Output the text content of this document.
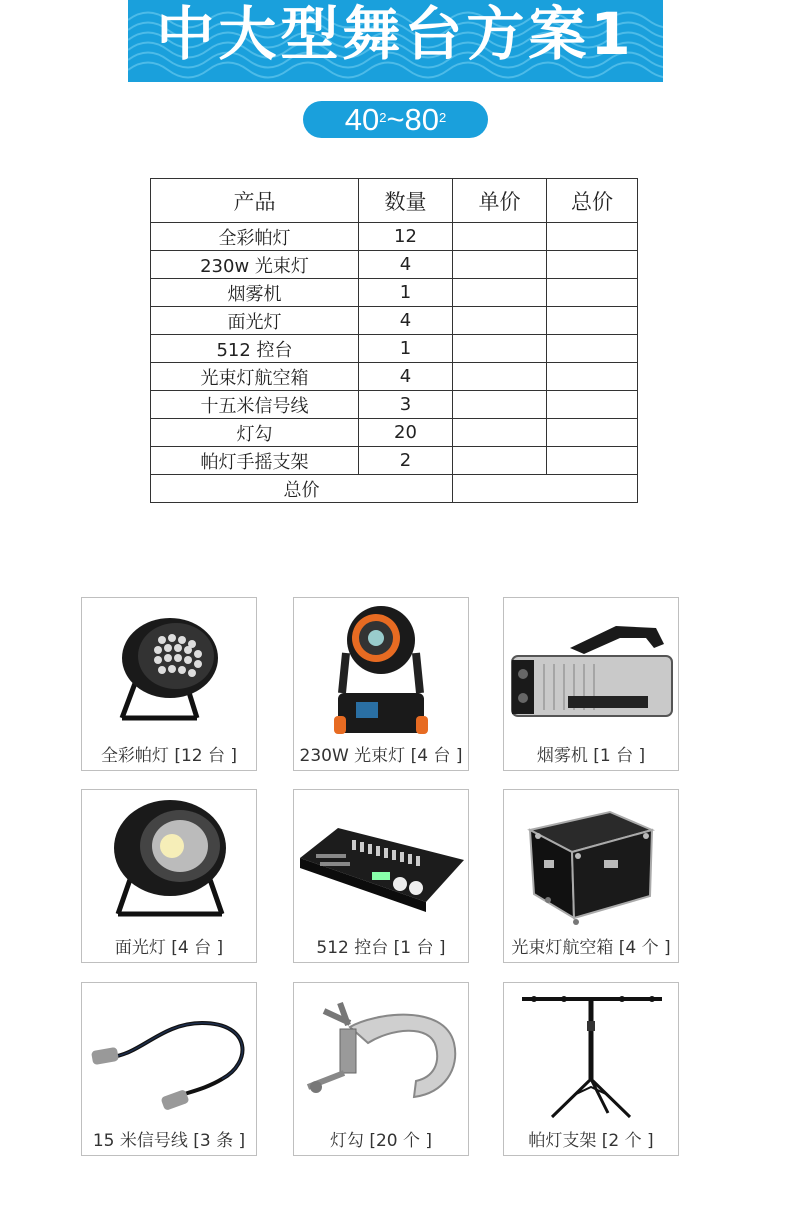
中大型舞台方案1
$40^2\sim 80^2$
产品	数量	单价	总价
全彩帕灯	12		
230w 光束灯	4		
烟雾机	1		
面光灯	4		
512 控台	1		
光束灯航空箱	4		
十五米信号线	3		
灯勾	20		
帕灯手摇支架	2		
总价			
全彩帕灯 [12 台 ]	230W 光束灯 [4 台 ]	烟雾机 [1 台 ]
面光灯 [4 台 ]	512 控台 [1 台 ]	光束灯航空箱 [4 个 ]
15 米信号线 [3 条 ]	灯勾 [20 个 ]	帕灯支架 [2 个 ]
